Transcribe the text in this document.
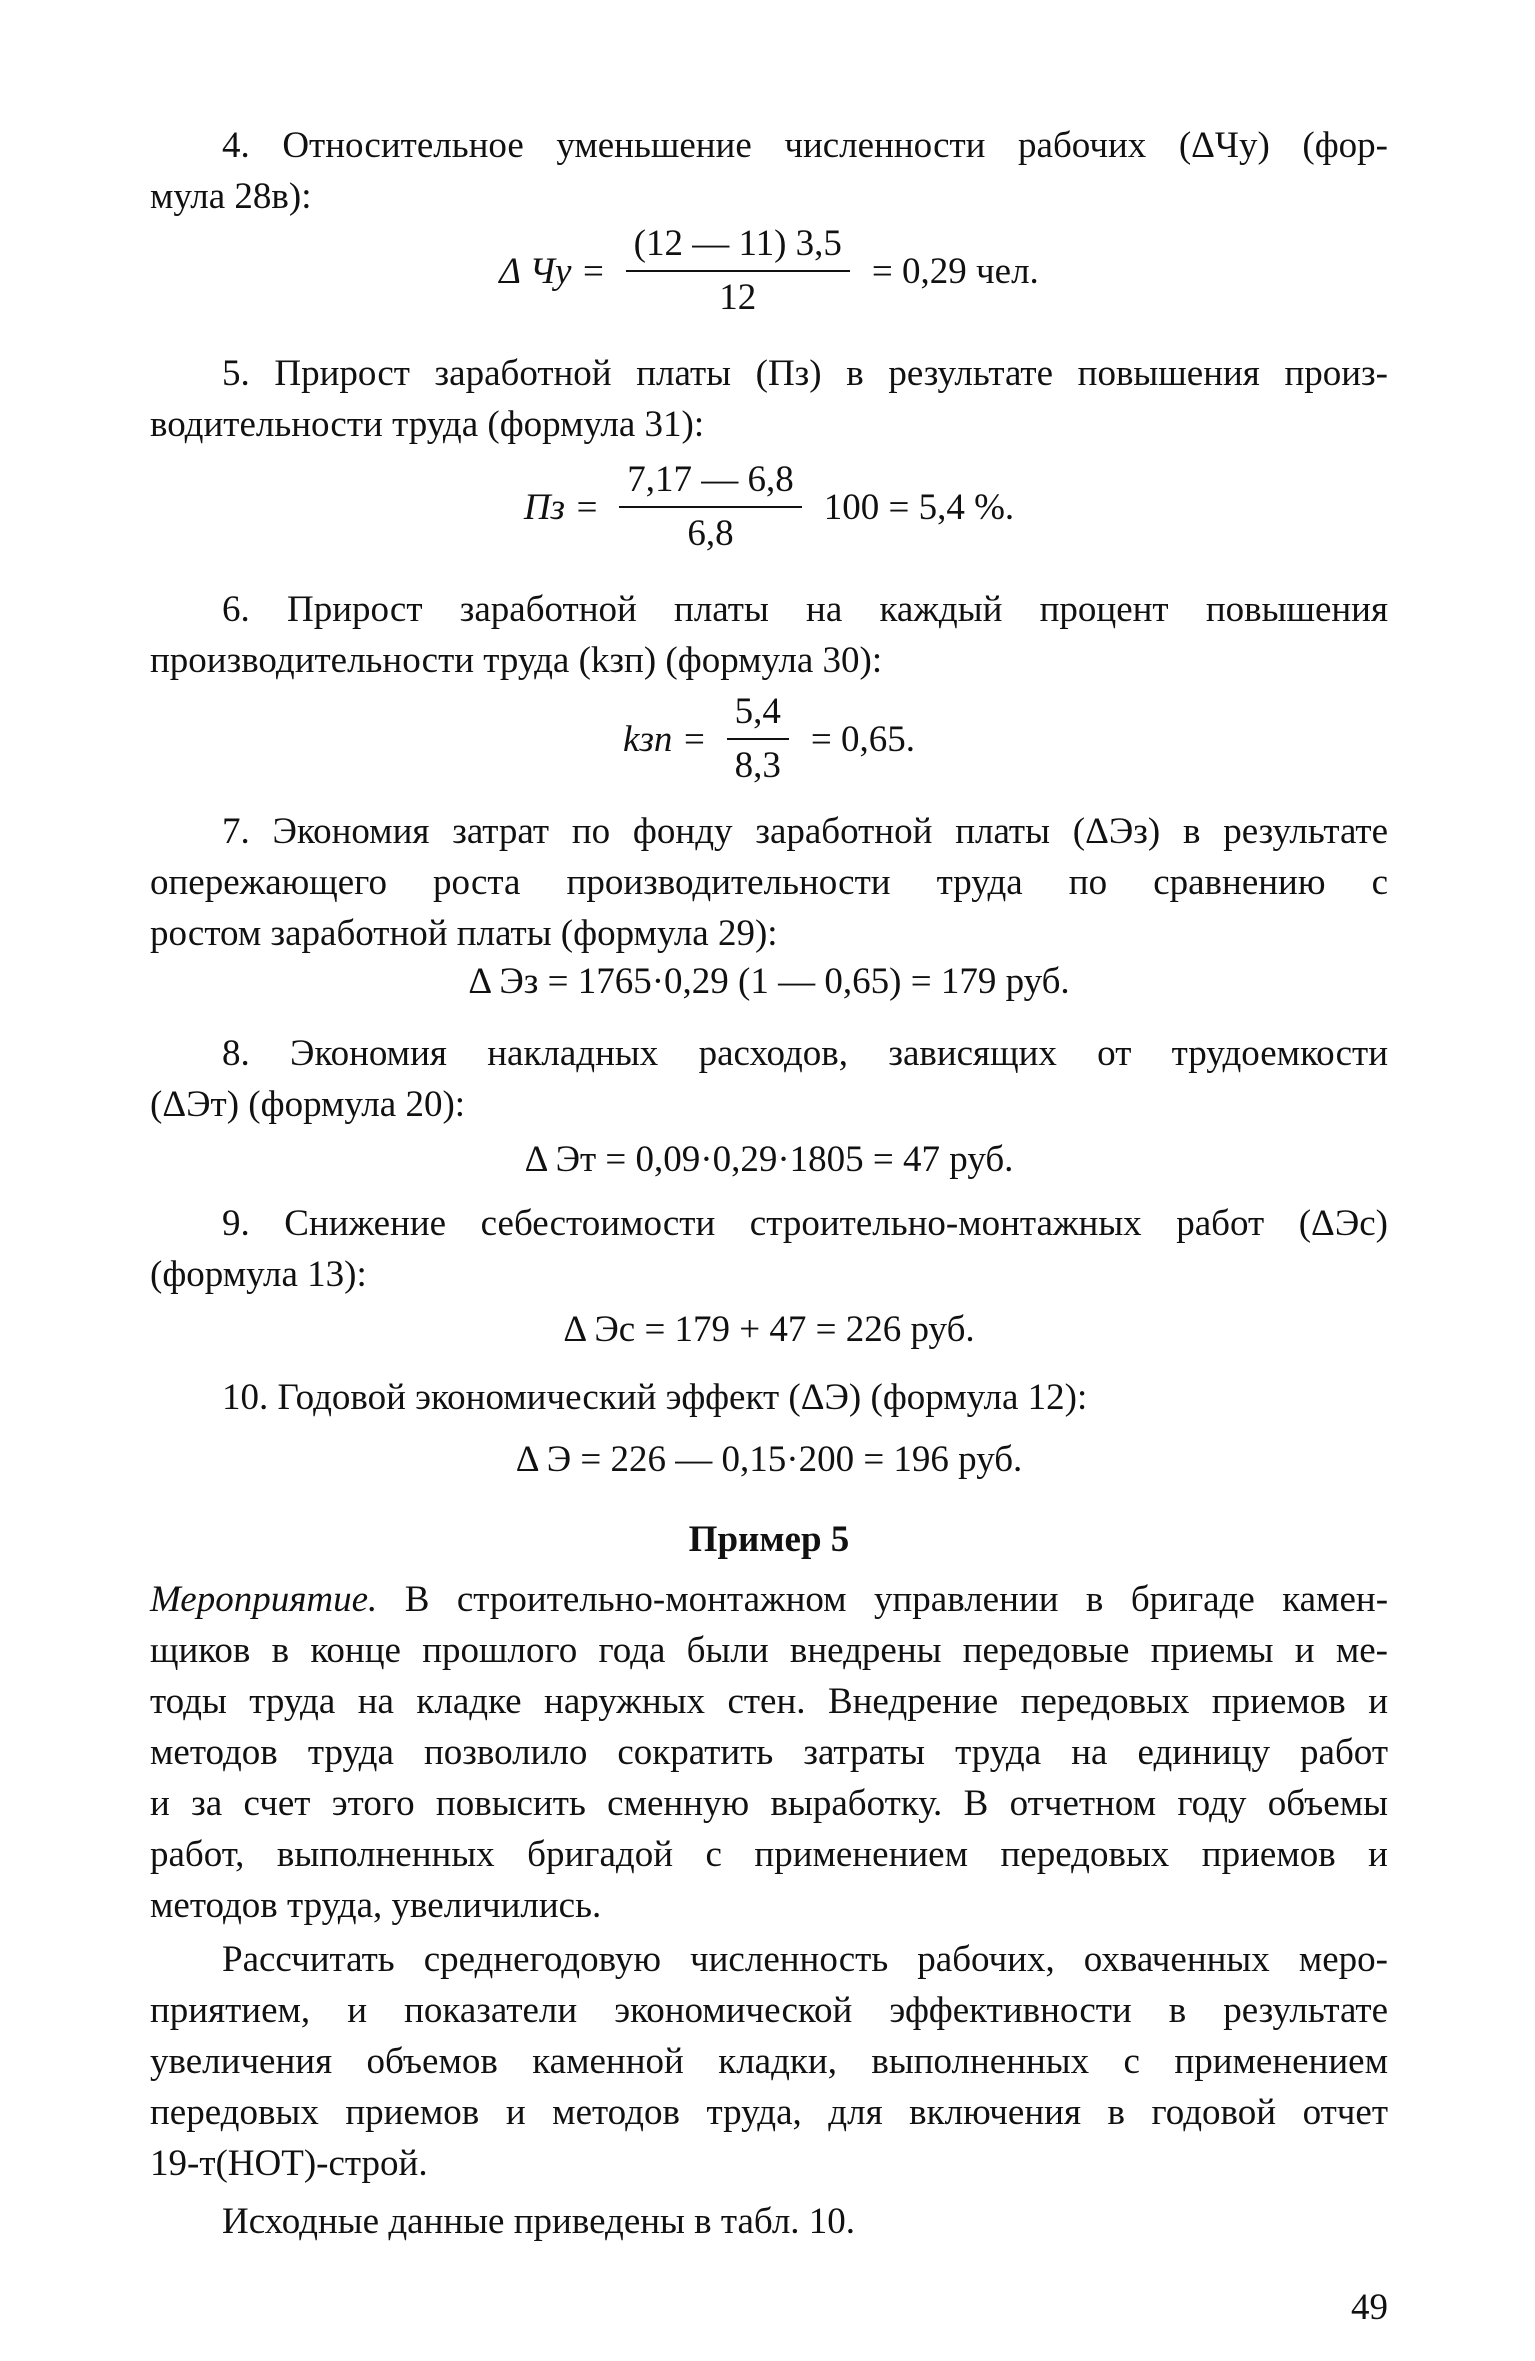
4. Относительное уменьшение численности рабочих (ΔЧу) (фор-

мула 28в):

Δ Чу = $\frac{(12 — 11) 3,5}{12} = 0,29$ чел.

5. Прирост заработной платы (Пз) в результате повышения произ-

водительности труда (формула 31):

Пз = $\frac{7,17 — 6,8}{6,8} 100 = 5,4$ %.

6. Прирост заработной платы на каждый процент повышения

производительности труда (kзп) (формула 30):

kзп = $\frac{5,4}{8,3} = 0,65$.

7. Экономия затрат по фонду заработной платы (ΔЭз) в результате

опережающего роста производительности труда по сравнению с

ростом заработной платы (формула 29):

Δ Эз = 1765·0,29 (1 — 0,65) = 179 руб.

8. Экономия накладных расходов, зависящих от трудоемкости

(ΔЭт) (формула 20):

Δ Эт = 0,09·0,29·1805 = 47 руб.

9. Снижение себестоимости строительно-монтажных работ (ΔЭс)

(формула 13):

Δ Эс = 179 + 47 = 226 руб.

10. Годовой экономический эффект (ΔЭ) (формула 12):

Δ Э = 226 — 0,15·200 = 196 руб.
Пример 5

Мероприятие. В строительно-монтажном управлении в бригаде камен-

щиков в конце прошлого года были внедрены передовые приемы и ме-

тоды труда на кладке наружных стен. Внедрение передовых приемов и

методов труда позволило сократить затраты труда на единицу работ

и за счет этого повысить сменную выработку. В отчетном году объемы

работ, выполненных бригадой с применением передовых приемов и

методов труда, увеличились.

Рассчитать среднегодовую численность рабочих, охваченных меро-

приятием, и показатели экономической эффективности в результате

увеличения объемов каменной кладки, выполненных с применением

передовых приемов и методов труда, для включения в годовой отчет

19-т(НОТ)-строй.

Исходные данные приведены в табл. 10.

49
